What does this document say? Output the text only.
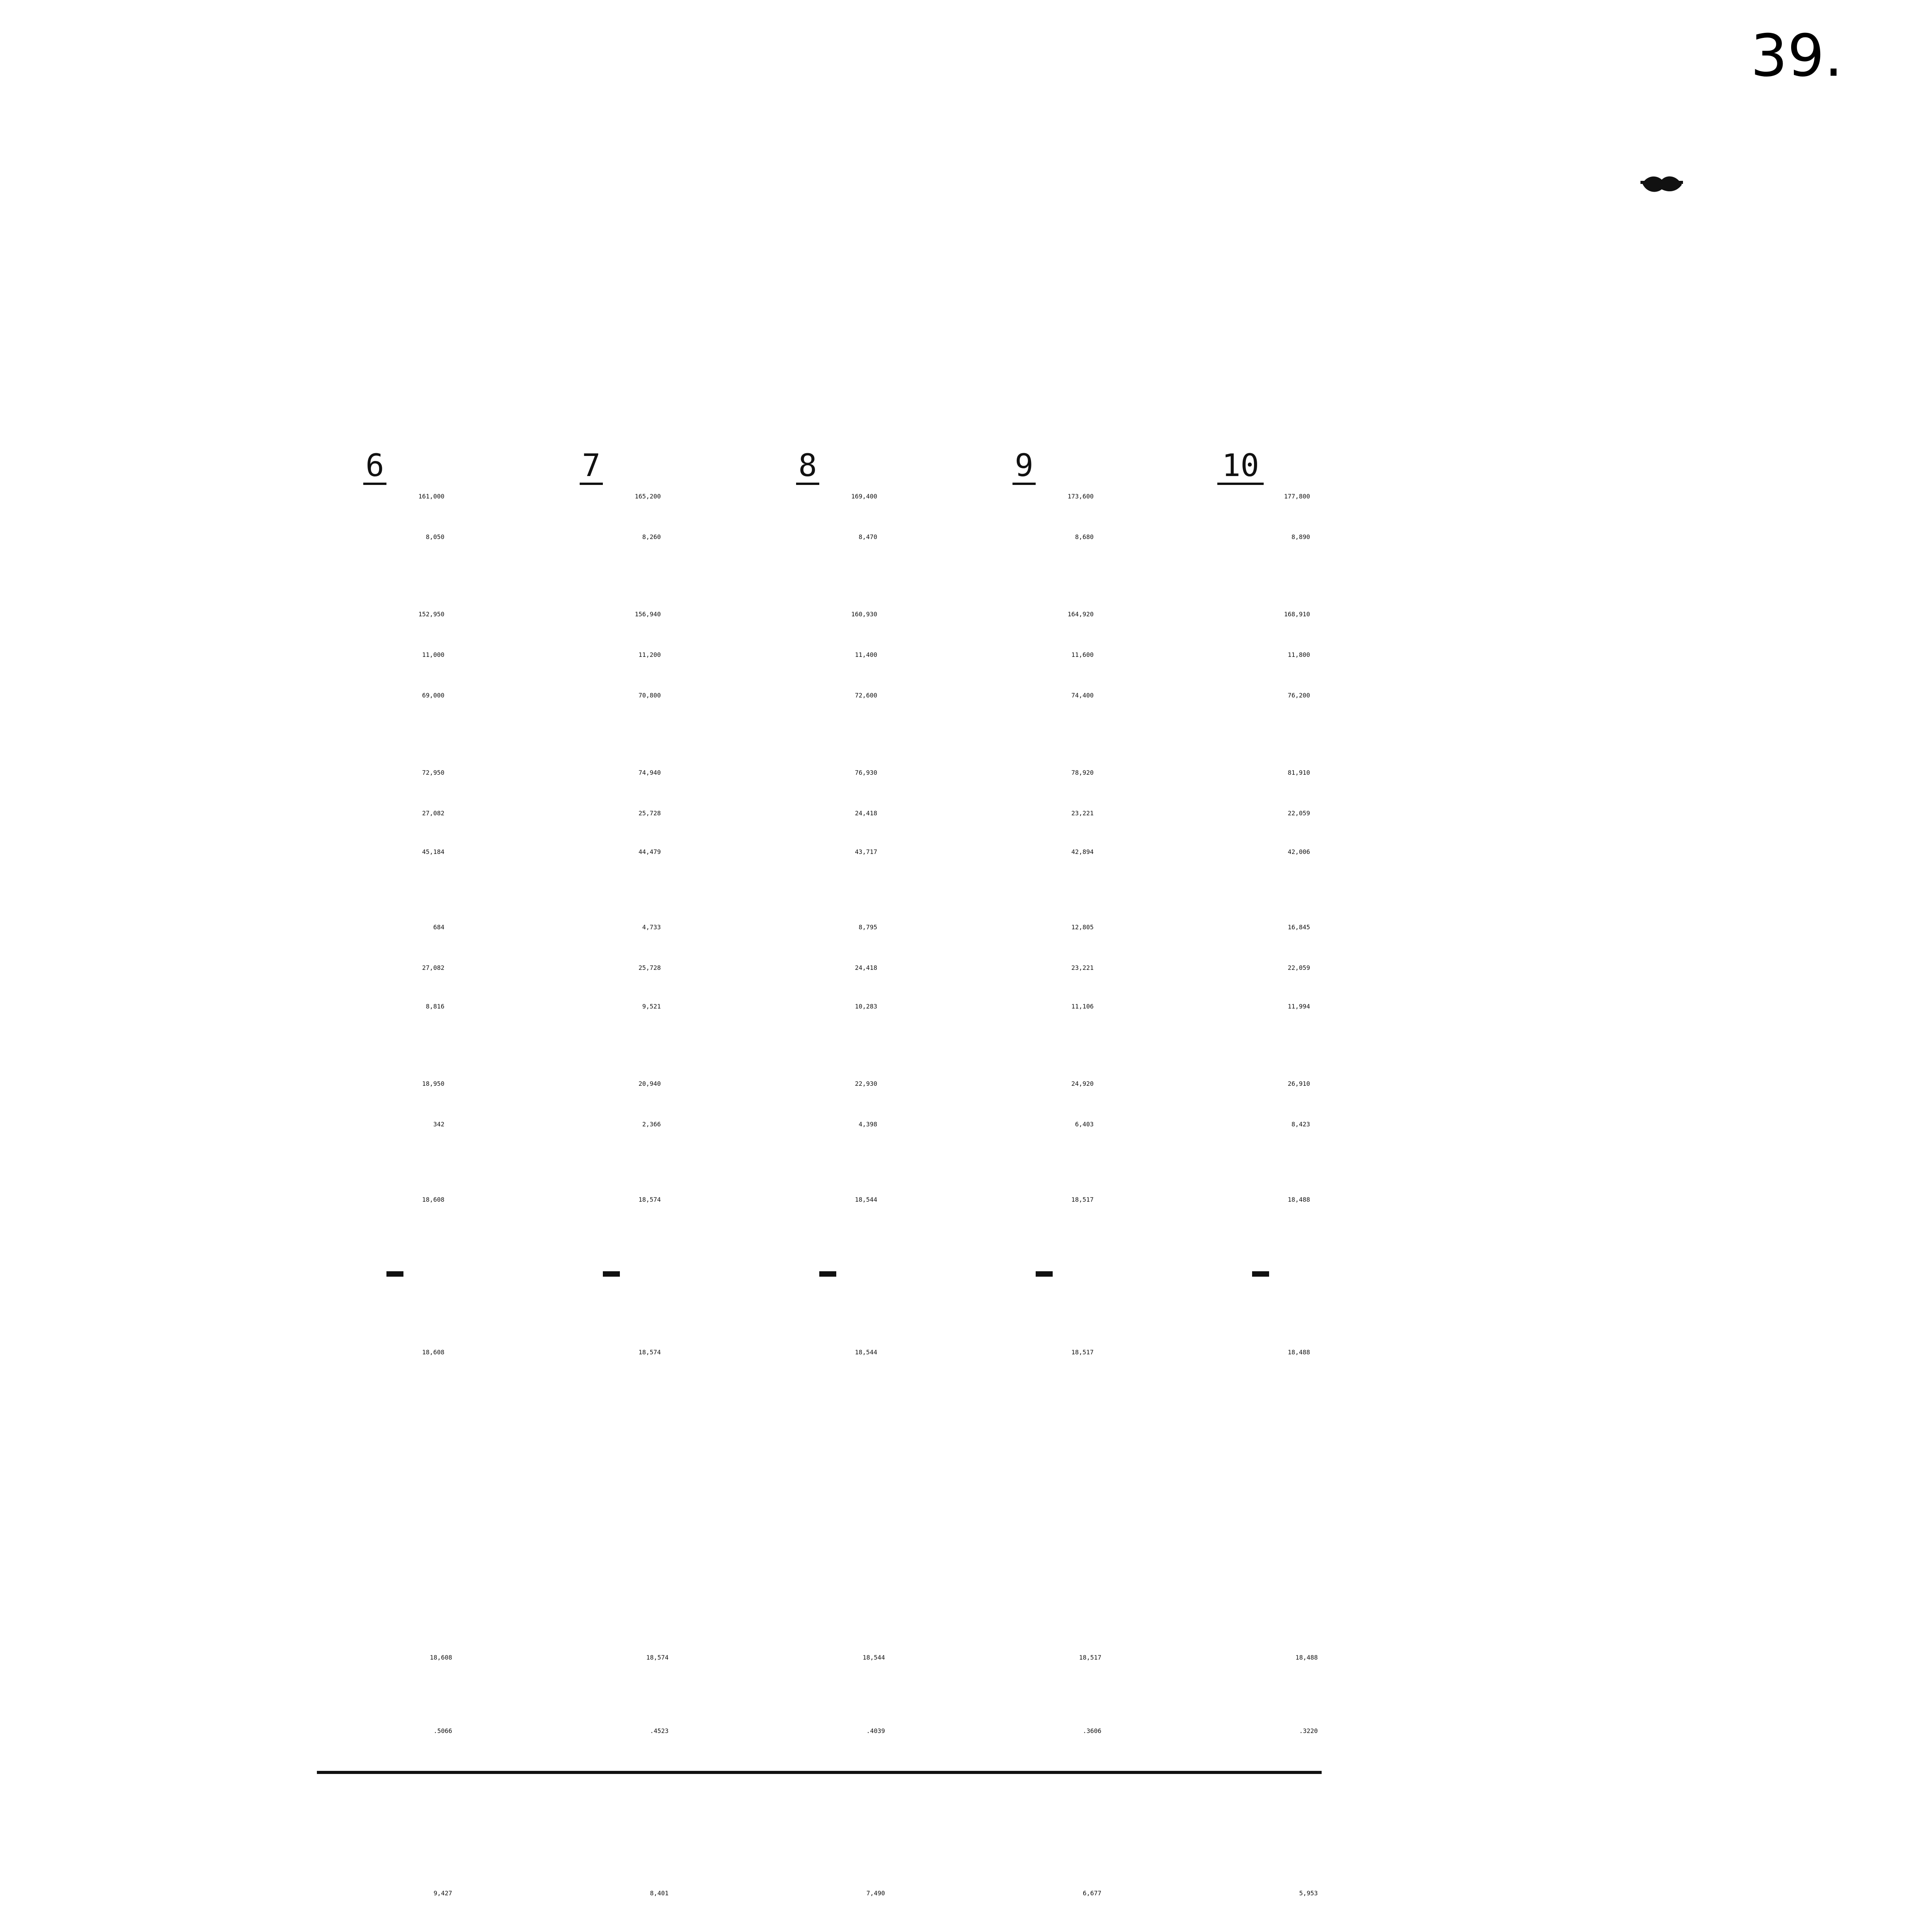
39.
6
161,000
8,050
152,950
11,000
69,000
72,950
27,082
45,184
684
27,082
8,816
18,950
342
18,608
18,608
18,608
.5066
9,427
7
165,200
8,260
156,940
11,200
70,800
74,940
25,728
44,479
4,733
25,728
9,521
20,940
2,366
18,574
18,574
18,574
.4523
8,401
8
169,400
8,470
160,930
11,400
72,600
76,930
24,418
43,717
8,795
24,418
10,283
22,930
4,398
18,544
18,544
18,544
.4039
7,490
9
173,600
8,680
164,920
11,600
74,400
78,920
23,221
42,894
12,805
23,221
11,106
24,920
6,403
18,517
18,517
18,517
.3606
6,677
10
177,800
8,890
168,910
11,800
76,200
81,910
22,059
42,006
16,845
22,059
11,994
26,910
8,423
18,488
18,488
18,488
.3220
5,953
